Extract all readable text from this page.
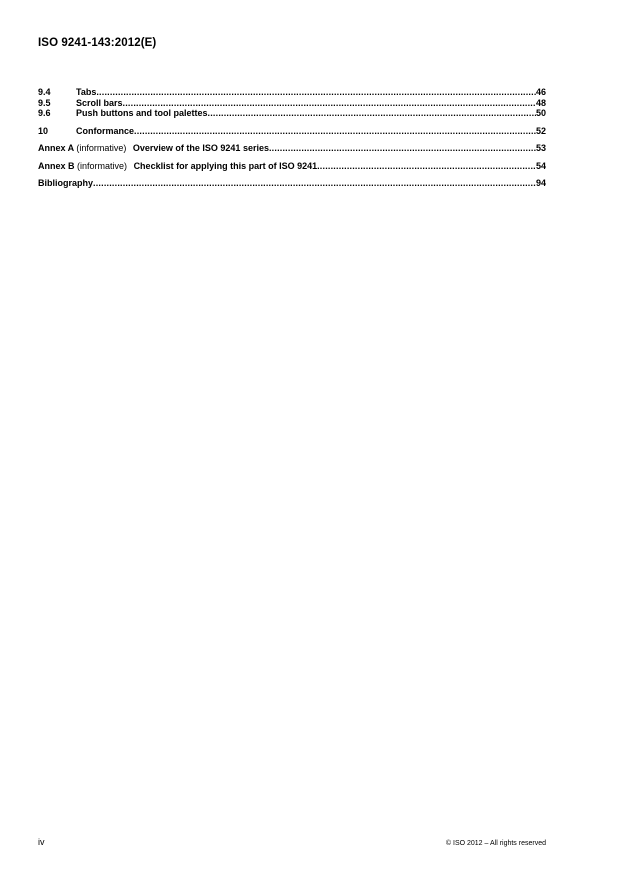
ISO 9241-143:2012(E)
9.4	Tabs .....	46
9.5	Scroll bars .....	48
9.6	Push buttons and tool palettes .....	50
10	Conformance .....	52
Annex A (informative) Overview of the ISO 9241 series .....	53
Annex B (informative) Checklist for applying this part of ISO 9241 .....	54
Bibliography .....	94
iv	© ISO 2012 – All rights reserved
